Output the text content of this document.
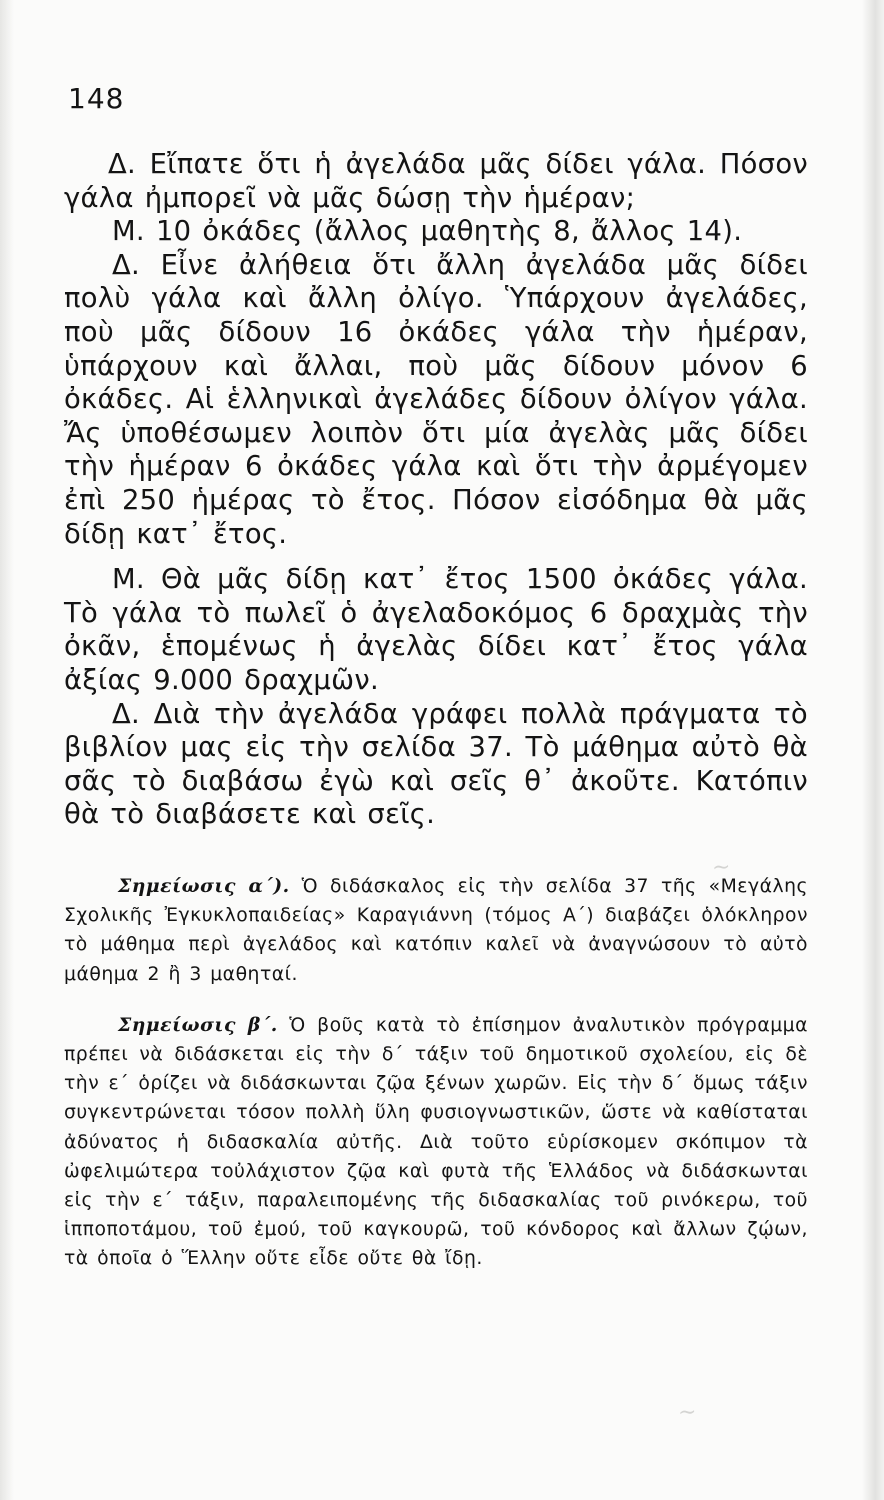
~
~
148

Δ. Εἴπατε ὅτι ἡ ἀγελάδα μᾶς δίδει γάλα. Πόσον γάλα ἠμπορεῖ νὰ μᾶς δώσῃ τὴν ἡμέραν;

Μ. 10 ὀκάδες (ἄλλος μαθητὴς 8, ἄλλος 14).

Δ. Εἶνε ἀλήθεια ὅτι ἄλλη ἀγελάδα μᾶς δίδει πολὺ γάλα καὶ ἄλλη ὀλίγο. Ὑπάρχουν ἀγελάδες, ποὺ μᾶς δίδουν 16 ὀκάδες γάλα τὴν ἡμέραν, ὑπάρχουν καὶ ἄλλαι, ποὺ μᾶς δίδουν μόνον 6 ὀκάδες. Αἱ ἑλληνικαὶ ἀγελάδες δίδουν ὀλίγον γάλα. Ἄς ὑποθέσωμεν λοιπὸν ὅτι μία ἀγελὰς μᾶς δίδει τὴν ἡμέραν 6 ὀκάδες γάλα καὶ ὅτι τὴν ἀρμέγομεν ἐπὶ 250 ἡμέρας τὸ ἔτος. Πόσον εἰσόδημα θὰ μᾶς δίδῃ κατ᾽ ἔτος.

Μ. Θὰ μᾶς δίδῃ κατ᾽ ἔτος 1500 ὀκάδες γάλα. Τὸ γάλα τὸ πωλεῖ ὁ ἀγελαδοκόμος 6 δραχμὰς τὴν ὀκᾶν, ἑπομένως ἡ ἀγελὰς δίδει κατ᾽ ἔτος γάλα ἀξίας 9.000 δραχμῶν.

Δ. Διὰ τὴν ἀγελάδα γράφει πολλὰ πράγματα τὸ βιβλίον μας εἰς τὴν σελίδα 37. Τὸ μάθημα αὐτὸ θὰ σᾶς τὸ διαβάσω ἐγὼ καὶ σεῖς θ᾽ ἀκοῦτε. Κατόπιν θὰ τὸ διαβάσετε καὶ σεῖς.

Σημείωσις α΄). Ὁ διδάσκαλος εἰς τὴν σελίδα 37 τῆς «Μεγάλης Σχολικῆς Ἐγκυκλοπαιδείας» Καραγιάννη (τόμος Α΄) διαβάζει ὁλόκληρον τὸ μάθημα περὶ ἀγελάδος καὶ κατόπιν καλεῖ νὰ ἀναγνώσουν τὸ αὐτὸ μάθημα 2 ἢ 3 μαθηταί.

Σημείωσις β΄. Ὁ βοῦς κατὰ τὸ ἐπίσημον ἀναλυτικὸν πρόγραμμα πρέπει νὰ διδάσκεται εἰς τὴν δ΄ τάξιν τοῦ δημοτικοῦ σχολείου, εἰς δὲ τὴν ε΄ ὁρίζει νὰ διδάσκωνται ζῷα ξένων χωρῶν. Εἰς τὴν δ΄ ὅμως τάξιν συγκεντρώνεται τόσον πολλὴ ὕλη φυσιογνωστικῶν, ὥστε νὰ καθίσταται ἀδύνατος ἡ διδασκαλία αὐτῆς. Διὰ τοῦτο εὑρίσκομεν σκόπιμον τὰ ὠφελιμώτερα τοὐλάχιστον ζῷα καὶ φυτὰ τῆς Ἑλλάδος νὰ διδάσκωνται εἰς τὴν ε΄ τάξιν, παραλειπομένης τῆς διδασκαλίας τοῦ ρινόκερω, τοῦ ἱπποποτάμου, τοῦ ἐμού, τοῦ καγκουρῶ, τοῦ κόνδορος καὶ ἄλλων ζῴων, τὰ ὁποῖα ὁ Ἕλλην οὔτε εἶδε οὔτε θὰ ἴδῃ.
